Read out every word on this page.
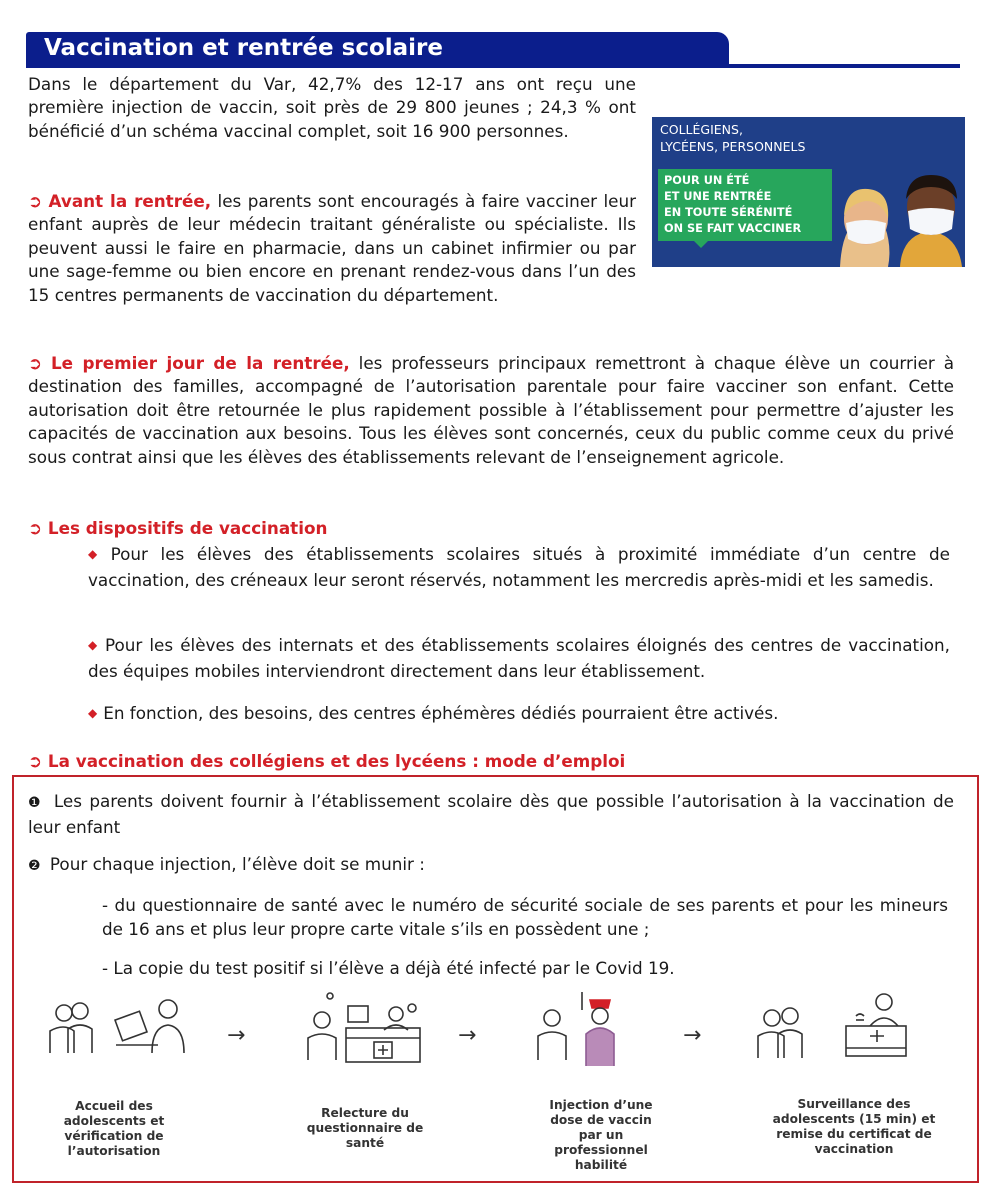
Vaccination et rentrée scolaire
Dans le département du Var, 42,7% des 12-17 ans ont reçu une première injection de vaccin, soit près de 29 800 jeunes ; 24,3 % ont bénéficié d’un schéma vaccinal complet, soit 16 900 personnes.
➲ Avant la rentrée, les parents sont encouragés à faire vacciner leur enfant auprès de leur médecin traitant généraliste ou spécialiste. Ils peuvent aussi le faire en pharmacie, dans un cabinet infirmier ou par une sage-femme ou bien encore en prenant rendez-vous dans l’un des 15 centres permanents de vaccination du département.
COLLÉGIENS,
LYCÉENS, PERSONNELS
POUR UN ÉTÉ
ET UNE RENTRÉE
EN TOUTE SÉRÉNITÉ
ON SE FAIT VACCINER
➲ Le premier jour de la rentrée, les professeurs principaux remettront à chaque élève un courrier à destination des familles, accompagné de l’autorisation parentale pour faire vacciner son enfant. Cette autorisation doit être retournée le plus rapidement possible à l’établissement pour permettre d’ajuster les capacités de vaccination aux besoins. Tous les élèves sont concernés, ceux du public comme ceux du privé sous contrat ainsi que les élèves des établissements relevant de l’enseignement agricole.
➲ Les dispositifs de vaccination
◆ Pour les élèves des établissements scolaires situés à proximité immédiate d’un centre de vaccination, des créneaux leur seront réservés, notamment les mercredis après-midi et les samedis.
◆ Pour les élèves des internats et des établissements scolaires éloignés des centres de vaccination, des équipes mobiles interviendront directement dans leur établissement.
◆ En fonction, des besoins, des centres éphémères dédiés pourraient être activés.
➲ La vaccination des collégiens et des lycéens : mode d’emploi
❶ Les parents doivent fournir à l’établissement scolaire dès que possible l’autorisation à la vaccination de leur enfant
❷ Pour chaque injection, l’élève doit se munir :
- du questionnaire de santé avec le numéro de sécurité sociale de ses parents et pour les mineurs de 16 ans et plus leur propre carte vitale s’ils en possèdent une ;
- La copie du test positif si l’élève a déjà été infecté par le Covid 19.
→	→	→
Accueil des
adolescents et
vérification de
l’autorisation
Relecture du
questionnaire de
santé
Injection d’une
dose de vaccin
par un
professionnel
habilité
Surveillance des
adolescents (15 min) et
remise du certificat de
vaccination
